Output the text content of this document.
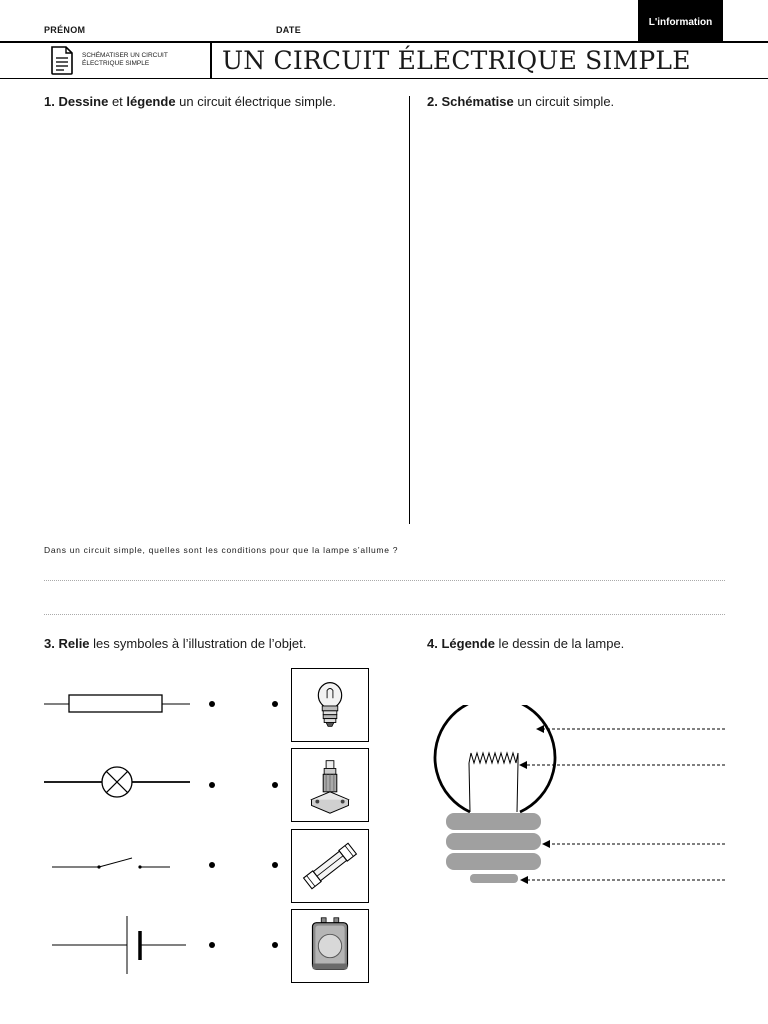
PRÉNOM	DATE
L'information
SCHÉMATISER UN CIRCUIT
ÉLECTRIQUE SIMPLE	UN CIRCUIT ÉLECTRIQUE SIMPLE
1. Dessine et légende un circuit électrique simple.	2. Schématise un circuit simple.
Dans un circuit simple, quelles sont les conditions pour que la lampe s’allume ?
3. Relie les symboles à l’illustration de l’objet.	4. Légende le dessin de la lampe.
